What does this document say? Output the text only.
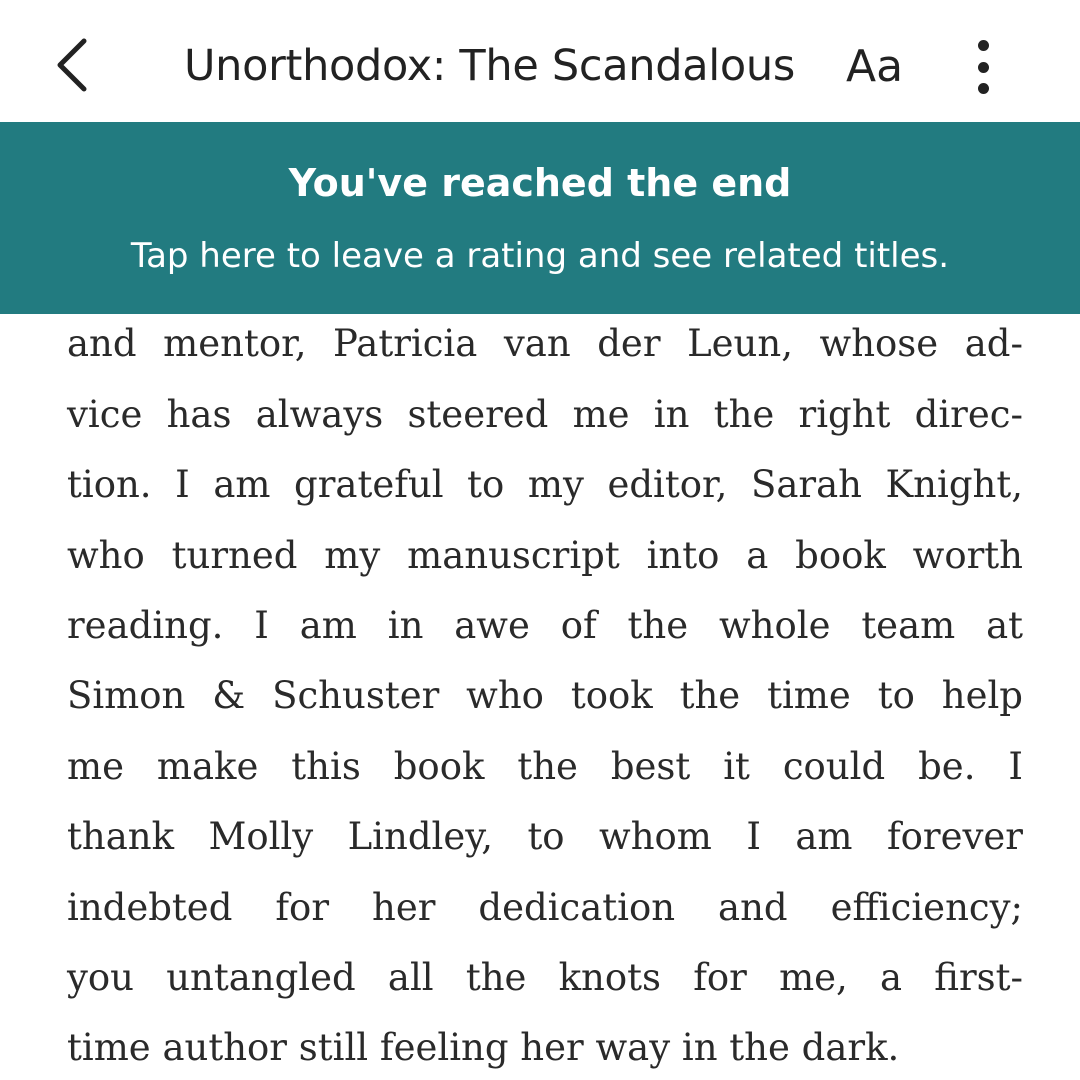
and mentor, Patricia van der Leun, whose ad-
vice has always steered me in the right direc-
tion. I am grateful to my editor, Sarah Knight,
who turned my manuscript into a book worth
reading. I am in awe of the whole team at
Simon & Schuster who took the time to help
me make this book the best it could be. I
thank Molly Lindley, to whom I am forever
indebted for her dedication and efficiency;
you untangled all the knots for me, a first-
time author still feeling her way in the dark.
Unorthodox: The Scandalous	Aa
You've reached the end
Tap here to leave a rating and see related titles.
